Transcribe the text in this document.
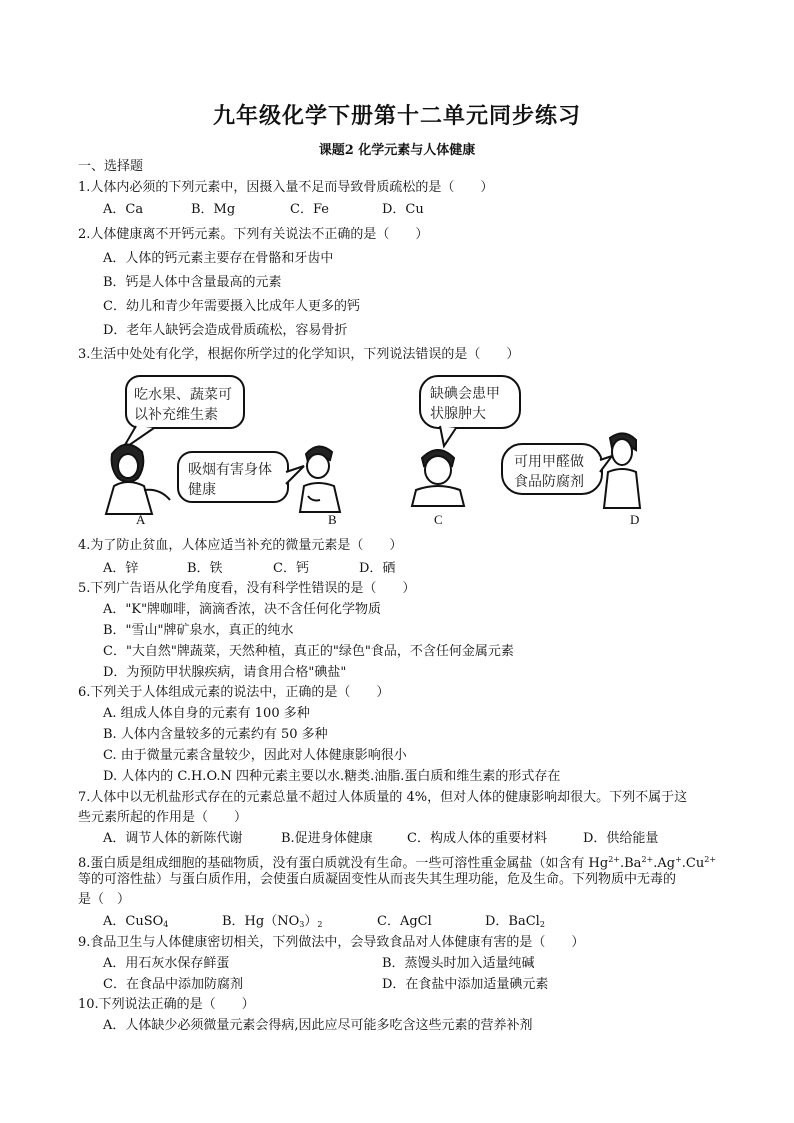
九年级化学下册第十二单元同步练习
课题2 化学元素与人体健康
一、选择题
1.人体内必须的下列元素中，因摄入量不足而导致骨质疏松的是（　　）
A．Ca	B．Mg	C．Fe	D．Cu
2.人体健康离不开钙元素。下列有关说法不正确的是（　　）
A．人体的钙元素主要存在骨骼和牙齿中
B．钙是人体中含量最高的元素
C．幼儿和青少年需要摄入比成年人更多的钙
D．老年人缺钙会造成骨质疏松，容易骨折
3.生活中处处有化学，根据你所学过的化学知识，下列说法错误的是（　　）
吃水果、蔬菜可
以补充维生素
吸烟有害身体
健康
缺碘会患甲
状腺肿大
可用甲醛做
食品防腐剂
A	B	C	D
4.为了防止贫血，人体应适当补充的微量元素是（　　）
A．锌	B．铁	C．钙	D．硒
5.下列广告语从化学角度看，没有科学性错误的是（　　）
A．"K"牌咖啡，滴滴香浓，决不含任何化学物质
B．"雪山"牌矿泉水，真正的纯水
C．"大自然"牌蔬菜，天然种植，真正的"绿色"食品，不含任何金属元素
D．为预防甲状腺疾病，请食用合格"碘盐"
6.下列关于人体组成元素的说法中，正确的是（　　）
A. 组成人体自身的元素有 100 多种
B. 人体内含量较多的元素约有 50 多种
C. 由于微量元素含量较少，因此对人体健康影响很小
D. 人体内的 C.H.O.N 四种元素主要以水.糖类.油脂.蛋白质和维生素的形式存在
7.人体中以无机盐形式存在的元素总量不超过人体质量的 4%，但对人体的健康影响却很大。下列不属于这
些元素所起的作用是（　　）
A．调节人体的新陈代谢	B.促进身体健康	C．构成人体的重要材料	D．供给能量
8.蛋白质是组成细胞的基础物质，没有蛋白质就没有生命。一些可溶性重金属盐（如含有 $Hg^{2+}.Ba^{2+}.Ag^+.Cu^{2+}$
等的可溶性盐）与蛋白质作用，会使蛋白质凝固变性从而丧失其生理功能，危及生命。下列物质中无毒的
是（　）
A．CuSO$_4$	B．$Hg(NO_3)_2$	C．AgCl	D．BaCl$_2$
9.食品卫生与人体健康密切相关，下列做法中，会导致食品对人体健康有害的是（　　）
A．用石灰水保存鲜蛋	B．蒸馒头时加入适量纯碱
C．在食品中添加防腐剂	D．在食盐中添加适量碘元素
10.下列说法正确的是（　　）
A．人体缺少必须微量元素会得病,因此应尽可能多吃含这些元素的营养补剂
